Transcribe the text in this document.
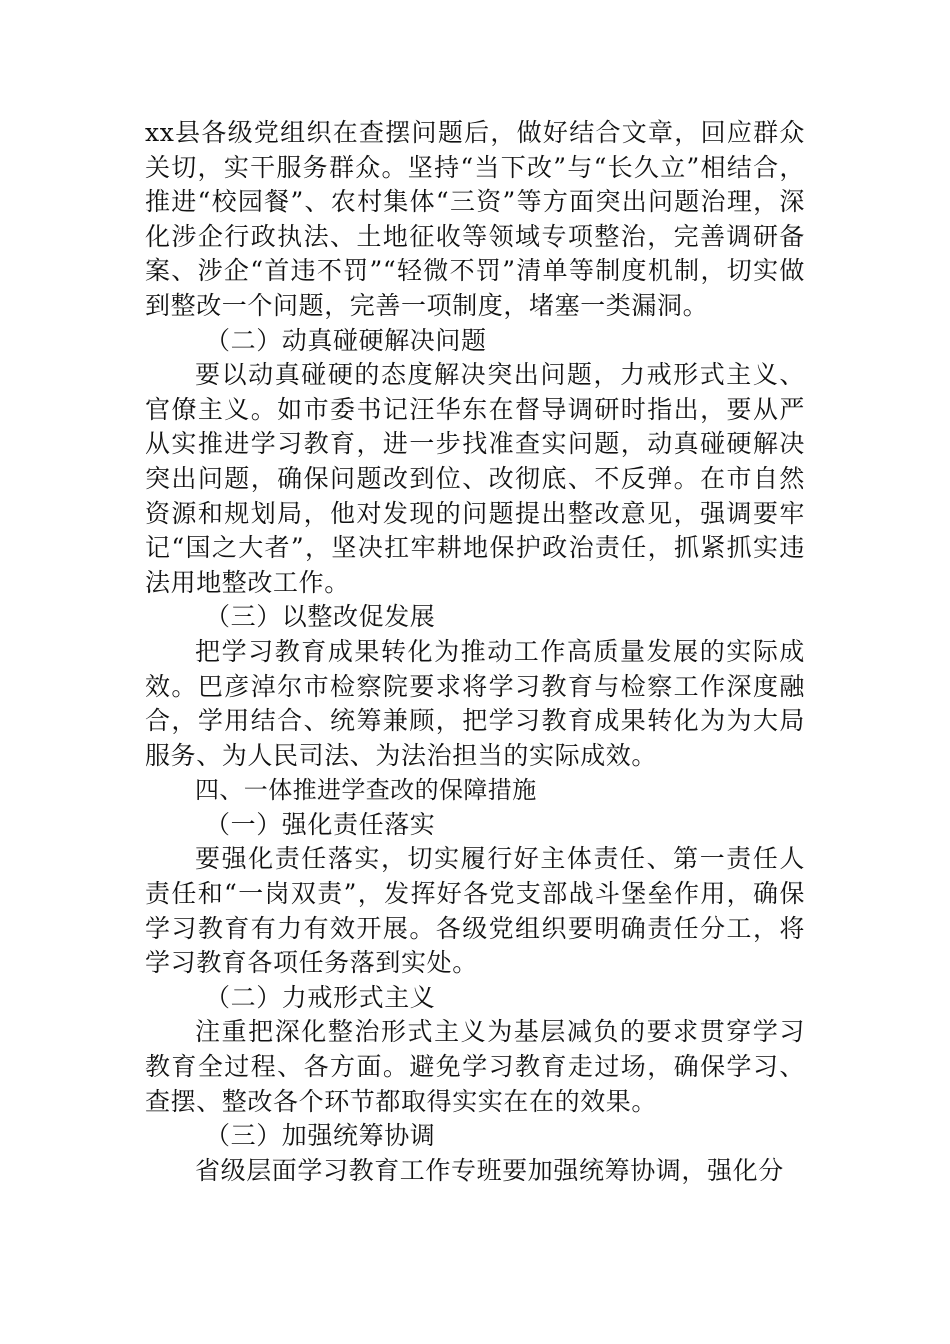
xx县各级党组织在查摆问题后，做好结合文章，回应群众关切，实干服务群众。坚持“当下改”与“长久立”相结合，推进“校园餐”、农村集体“三资”等方面突出问题治理，深化涉企行政执法、土地征收等领域专项整治，完善调研备案、涉企“首违不罚”“轻微不罚”清单等制度机制，切实做到整改一个问题，完善一项制度，堵塞一类漏洞。

（二）动真碰硬解决问题

要以动真碰硬的态度解决突出问题，力戒形式主义、官僚主义。如市委书记汪华东在督导调研时指出，要从严从实推进学习教育，进一步找准查实问题，动真碰硬解决突出问题，确保问题改到位、改彻底、不反弹。在市自然资源和规划局，他对发现的问题提出整改意见，强调要牢记“国之大者”，坚决扛牢耕地保护政治责任，抓紧抓实违法用地整改工作。

（三）以整改促发展

把学习教育成果转化为推动工作高质量发展的实际成效。巴彦淖尔市检察院要求将学习教育与检察工作深度融合，学用结合、统筹兼顾，把学习教育成果转化为为大局服务、为人民司法、为法治担当的实际成效。

四、一体推进学查改的保障措施

（一）强化责任落实

要强化责任落实，切实履行好主体责任、第一责任人责任和“一岗双责”，发挥好各党支部战斗堡垒作用，确保学习教育有力有效开展。各级党组织要明确责任分工，将学习教育各项任务落到实处。

（二）力戒形式主义

注重把深化整治形式主义为基层减负的要求贯穿学习教育全过程、各方面。避免学习教育走过场，确保学习、查摆、整改各个环节都取得实实在在的效果。

（三）加强统筹协调

省级层面学习教育工作专班要加强统筹协调，强化分
